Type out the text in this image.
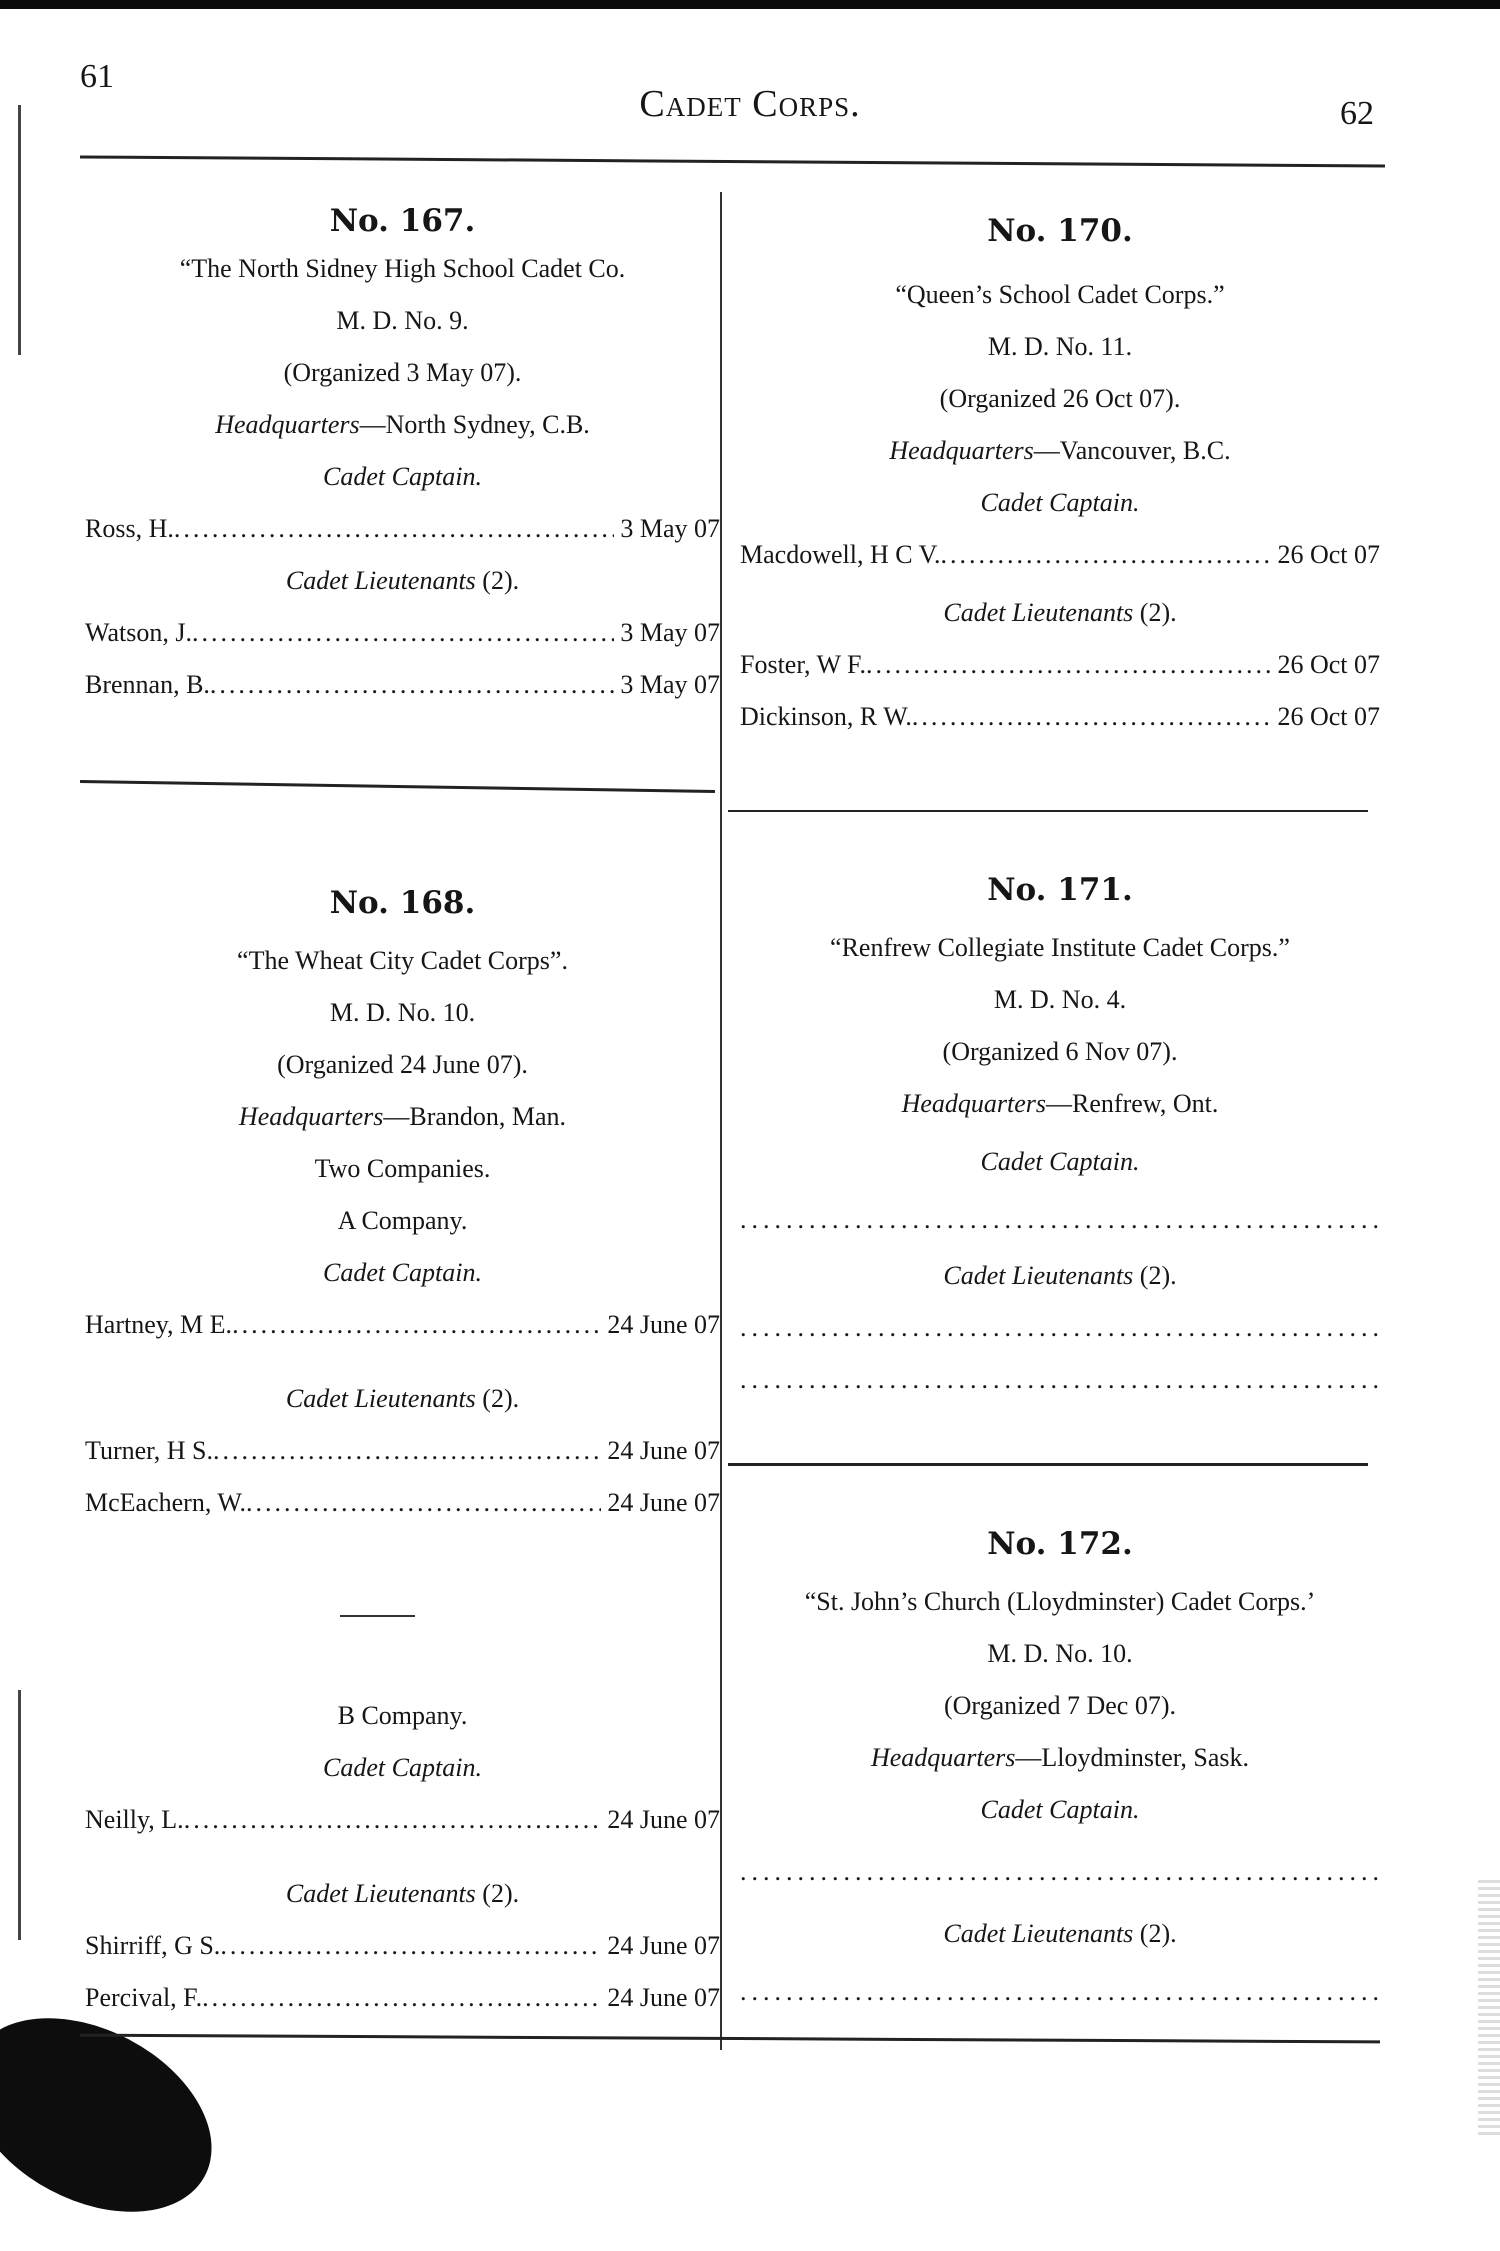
61
Cadet Corps.	62

No. 167.

“The North Sidney High School Cadet Co.

M. D. No. 9.

(Organized 3 May 07).

Headquarters—North Sydney, C.B.

Cadet Captain.

Ross, H. .....	3 May 07

Cadet Lieutenants (2).

Watson, J. .....	3 May 07
Brennan, B. .....	3 May 07

No. 168.

“The Wheat City Cadet Corps”.

M. D. No. 10.

(Organized 24 June 07).

Headquarters—Brandon, Man.

Two Companies.

A Company.

Cadet Captain.

Hartney, M E. .....	24 June 07

Cadet Lieutenants (2).

Turner, H S. .....	24 June 07
McEachern, W. .....	24 June 07

B Company.

Cadet Captain.

Neilly, L. .....	24 June 07

Cadet Lieutenants (2).

Shirriff, G S. .....	24 June 07
Percival, F. .....	24 June 07

No. 170.

“Queen’s School Cadet Corps.”

M. D. No. 11.

(Organized 26 Oct 07).

Headquarters—Vancouver, B.C.

Cadet Captain.

Macdowell, H C V. .....	26 Oct 07

Cadet Lieutenants (2).

Foster, W F. .....	26 Oct 07
Dickinson, R W. .....	26 Oct 07

No. 171.

“Renfrew Collegiate Institute Cadet Corps.”

M. D. No. 4.

(Organized 6 Nov 07).

Headquarters—Renfrew, Ont.

Cadet Captain.

.....

Cadet Lieutenants (2).

.....
.....

No. 172.

“St. John’s Church (Lloydminster) Cadet Corps.’

M. D. No. 10.

(Organized 7 Dec 07).

Headquarters—Lloydminster, Sask.

Cadet Captain.

.....

Cadet Lieutenants (2).

.....
